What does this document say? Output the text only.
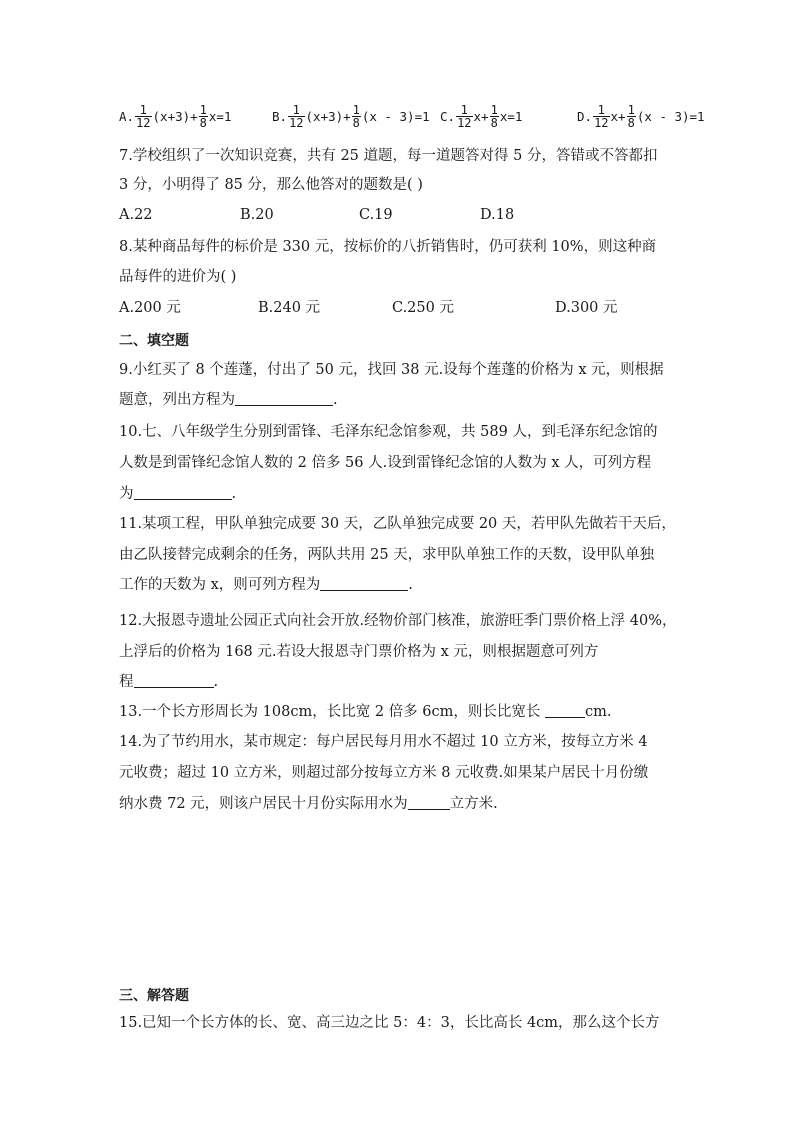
A. $\frac{1}{12} (x+3)+ \frac{1}{8} x=1$	B. $\frac{1}{12} (x+3)+ \frac{1}{8} (x - 3)=1$ C. $\frac{1}{12} x+ \frac{1}{8} x=1$	D. $\frac{1}{12} x+ \frac{1}{8} (x - 3)=1$
7.学校组织了一次知识竞赛，共有 25 道题，每一道题答对得 5 分，答错或不答都扣
3 分，小明得了 85 分，那么他答对的题数是( )
A.22	B.20	C.19	D.18
8.某种商品每件的标价是 330 元，按标价的八折销售时，仍可获利 10%，则这种商
品每件的进价为( )
A.200 元	B.240 元	C.250 元	D.300 元
二、填空题
9.小红买了 8 个莲蓬，付出了 50 元，找回 38 元.设每个莲蓬的价格为 x 元，则根据
题意，列出方程为	.
10.七、八年级学生分别到雷锋、毛泽东纪念馆参观，共 589 人，到毛泽东纪念馆的
人数是到雷锋纪念馆人数的 2 倍多 56 人.设到雷锋纪念馆的人数为 x 人，可列方程
为	.
11.某项工程，甲队单独完成要 30 天，乙队单独完成要 20 天，若甲队先做若干天后，
由乙队接替完成剩余的任务，两队共用 25 天，求甲队单独工作的天数，设甲队单独
工作的天数为 x，则可列方程为	.
12.大报恩寺遗址公园正式向社会开放.经物价部门核准，旅游旺季门票价格上浮 40%，
上浮后的价格为 168 元.若设大报恩寺门票价格为 x 元，则根据题意可列方
程	.
13.一个长方形周长为 108cm，长比宽 2 倍多 6cm，则长比宽长	cm.
14.为了节约用水，某市规定：每户居民每月用水不超过 10 立方米，按每立方米 4
元收费；超过 10 立方米，则超过部分按每立方米 8 元收费.如果某户居民十月份缴
纳水费 72 元，则该户居民十月份实际用水为	立方米.
三、解答题
15.已知一个长方体的长、宽、高三边之比 5：4：3，长比高长 4cm，那么这个长方
